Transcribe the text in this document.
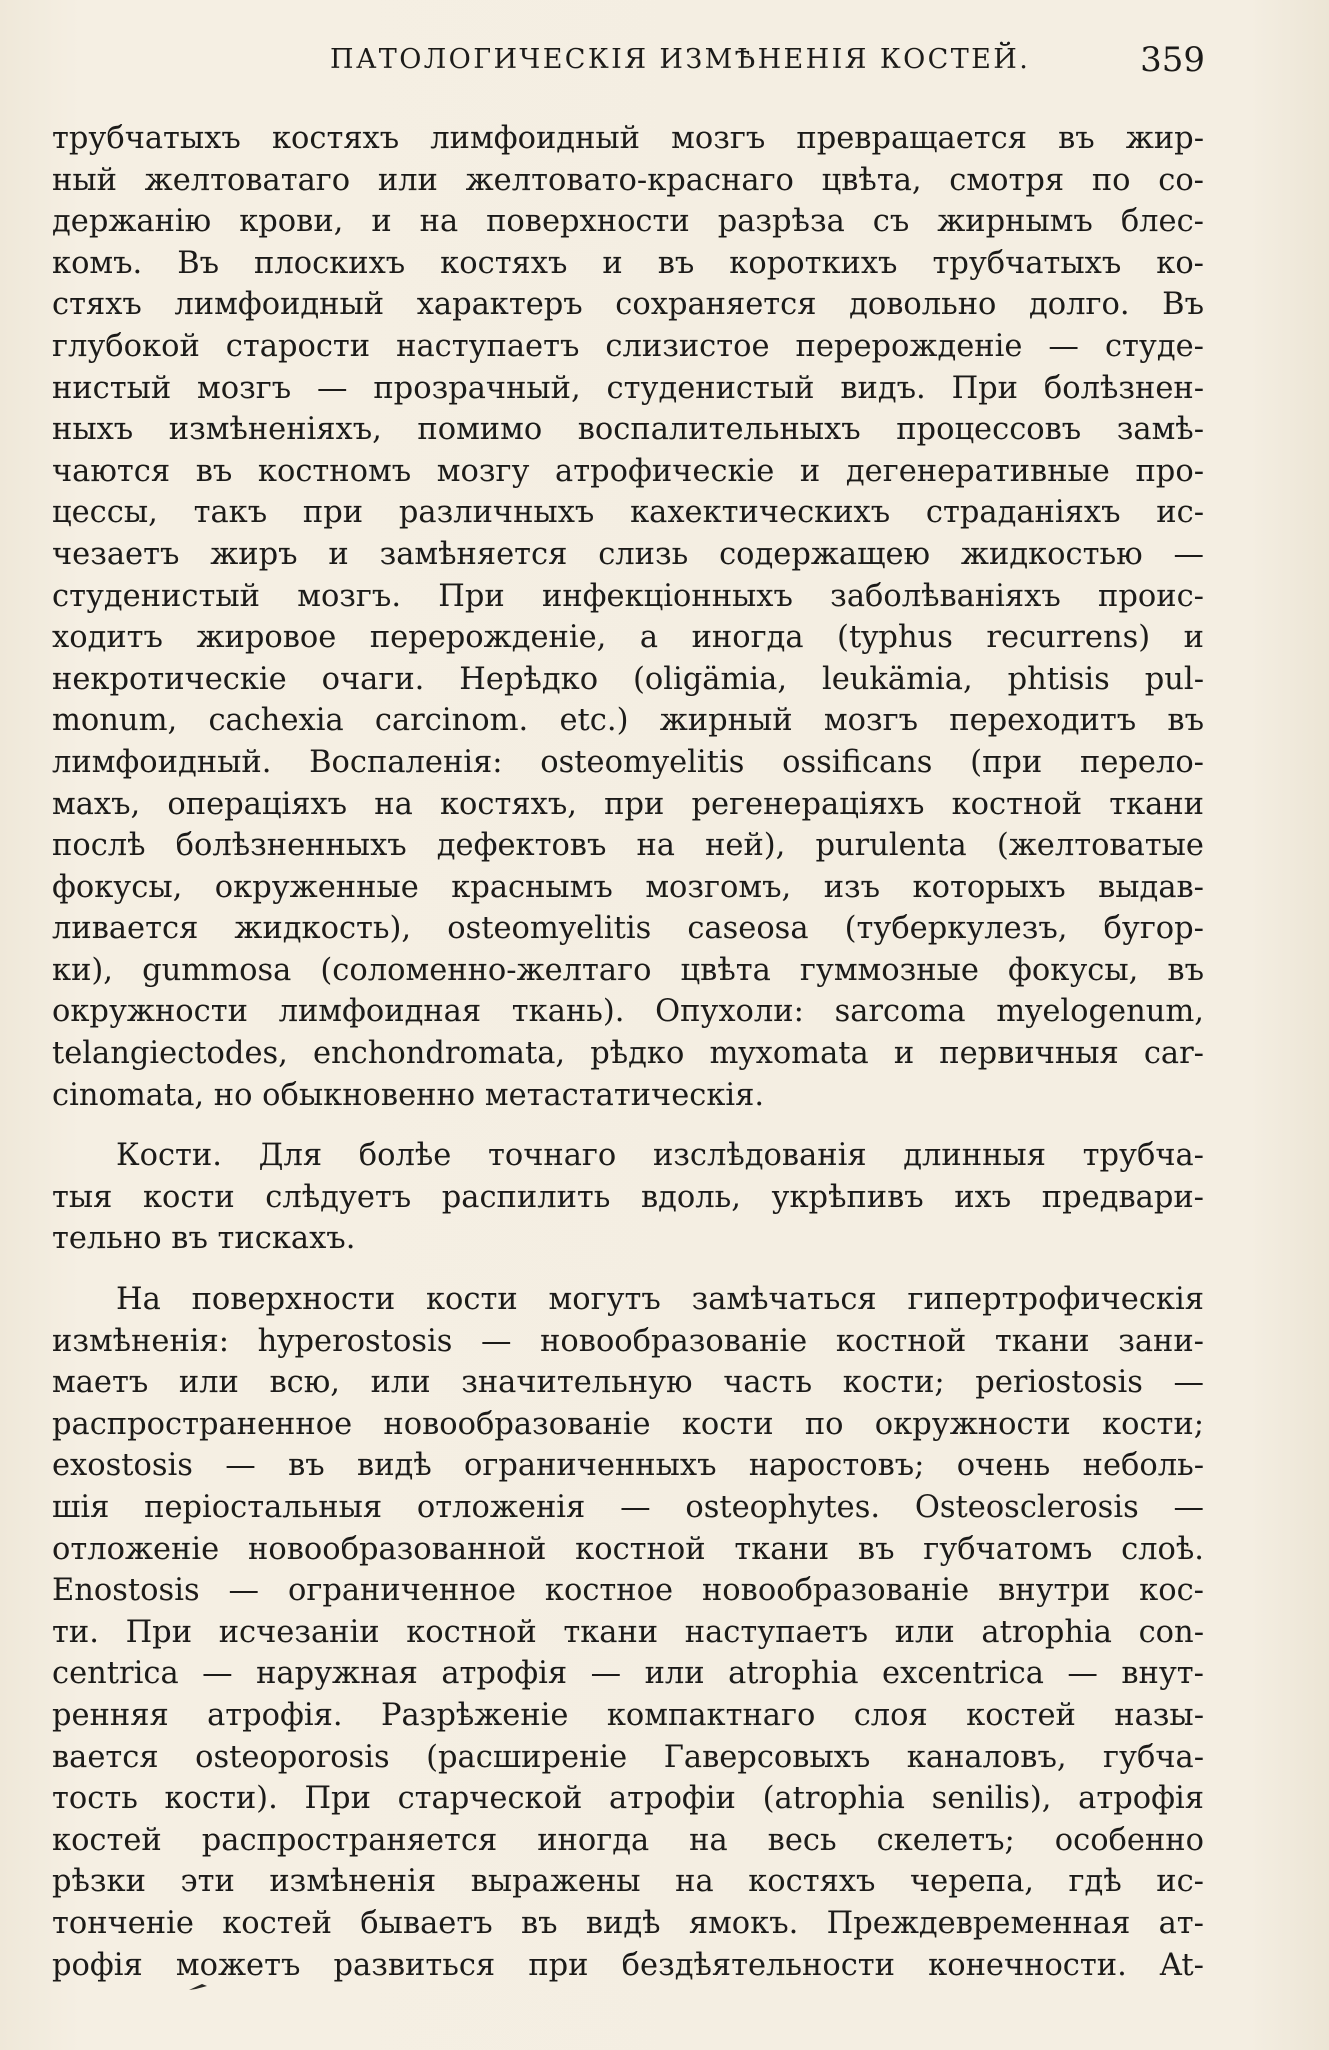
ПАТОЛОГИЧЕСКІЯ ИЗМѢНЕНІЯ КОСТЕЙ.	359
трубчатыхъ костяхъ лимфоидный мозгъ превращается въ жир-
ный желтоватаго или желтовато-краснаго цвѣта, смотря по со-
держанію крови, и на поверхности разрѣза съ жирнымъ блес-
комъ. Въ плоскихъ костяхъ и въ короткихъ трубчатыхъ ко-
стяхъ лимфоидный характеръ сохраняется довольно долго. Въ
глубокой старости наступаетъ слизистое перерожденіе — студе-
нистый мозгъ — прозрачный, студенистый видъ. При болѣзнен-
ныхъ измѣненіяхъ, помимо воспалительныхъ процессовъ замѣ-
чаются въ костномъ мозгу атрофическіе и дегенеративные про-
цессы, такъ при различныхъ кахектическихъ страданіяхъ ис-
чезаетъ жиръ и замѣняется слизь содержащею жидкостью —
студенистый мозгъ. При инфекціонныхъ заболѣваніяхъ проис-
ходитъ жировое перерожденіе, а иногда (typhus recurrens) и
некротическіе очаги. Нерѣдко (oligämia, leukämia, phtisis pul-
monum, cachexia carcinom. etc.) жирный мозгъ переходитъ въ
лимфоидный. Воспаленія: osteomyelitis ossificans (при перело-
махъ, операціяхъ на костяхъ, при регенераціяхъ костной ткани
послѣ болѣзненныхъ дефектовъ на ней), purulenta (желтоватые
фокусы, окруженные краснымъ мозгомъ, изъ которыхъ выдав-
ливается жидкость), osteomyelitis caseosa (туберкулезъ, бугор-
ки), gummosa (соломенно-желтаго цвѣта гуммозные фокусы, въ
окружности лимфоидная ткань). Опухоли: sarcoma myelogenum,
telangiectodes, enchondromata, рѣдко myxomata и первичныя car-
cinomata, но обыкновенно метастатическія.
Кости. Для болѣе точнаго изслѣдованія длинныя трубча-
тыя кости слѣдуетъ распилить вдоль, укрѣпивъ ихъ предвари-
тельно въ тискахъ.
На поверхности кости могутъ замѣчаться гипертрофическія
измѣненія: hyperostosis — новообразованіе костной ткани зани-
маетъ или всю, или значительную часть кости; periostosis —
распространенное новообразованіе кости по окружности кости;
exostosis — въ видѣ ограниченныхъ наростовъ; очень неболь-
шія періостальныя отложенія — osteophytes. Osteosclerosis —
отложеніе новообразованной костной ткани въ губчатомъ слоѣ.
Enostosis — ограниченное костное новообразованіе внутри кос-
ти. При исчезаніи костной ткани наступаетъ или atrophia con-
centrica — наружная атрофія — или atrophia excentrica — внут-
ренняя атрофія. Разрѣженіе компактнаго слоя костей назы-
вается osteoporosis (расширеніе Гаверсовыхъ каналовъ, губча-
тость кости). При старческой атрофіи (atrophia senilis), атрофія
костей распространяется иногда на весь скелетъ; особенно
рѣзки эти измѣненія выражены на костяхъ черепа, гдѣ ис-
тонченіе костей бываетъ въ видѣ ямокъ. Преждевременная ат-
рофія можетъ развиться при бездѣятельности конечности. At-
